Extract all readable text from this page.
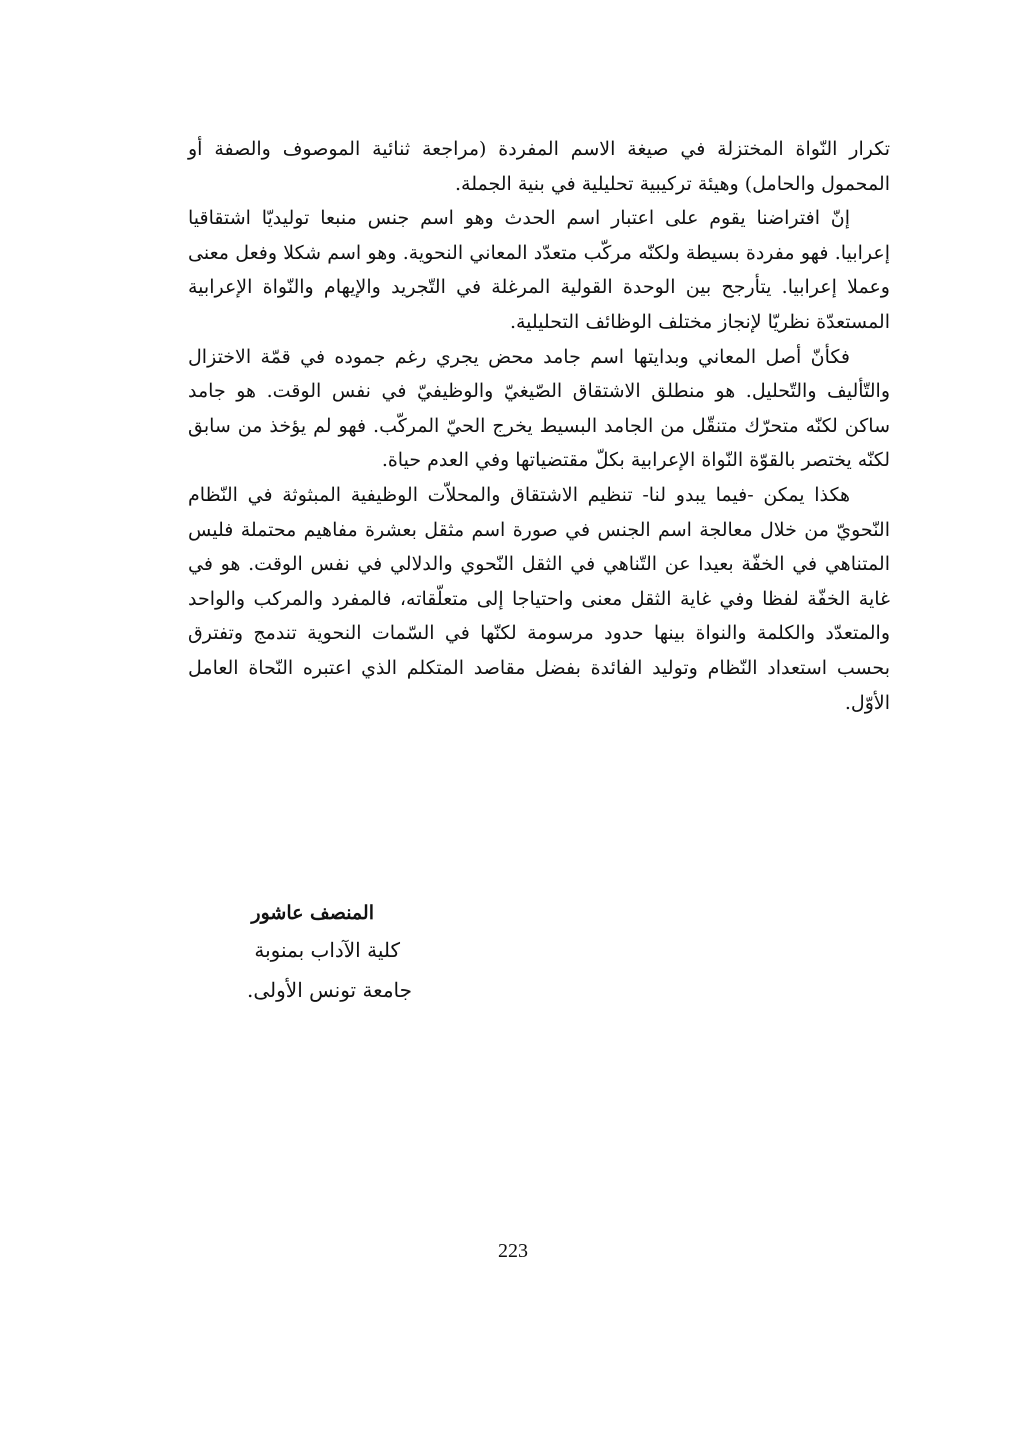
تكرار النّواة المختزلة في صيغة الاسم المفردة (مراجعة ثنائية الموصوف والصفة أو المحمول والحامل) وهيئة تركيبية تحليلية في بنية الجملة.

إنّ افتراضنا يقوم على اعتبار اسم الحدث وهو اسم جنس منبعا توليديّا اشتقاقيا إعرابيا. فهو مفردة بسيطة ولكنّه مركّب متعدّد المعاني النحوية. وهو اسم شكلا وفعل معنى وعملا إعرابيا. يتأرجح بين الوحدة القولية المرغلة في التّجريد والإيهام والنّواة الإعرابية المستعدّة نظريّا لإنجاز مختلف الوظائف التحليلية.

فكأنّ أصل المعاني وبدايتها اسم جامد محض يجري رغم جموده في قمّة الاختزال والتّأليف والتّحليل. هو منطلق الاشتقاق الصّيغيّ والوظيفيّ في نفس الوقت. هو جامد ساكن لكنّه متحرّك متنقّل من الجامد البسيط يخرج الحيّ المركّب. فهو لم يؤخذ من سابق لكنّه يختصر بالقوّة النّواة الإعرابية بكلّ مقتضياتها وفي العدم حياة.

هكذا يمكن -فيما يبدو لنا- تنظيم الاشتقاق والمحلاّت الوظيفية المبثوثة في النّظام النّحويّ من خلال معالجة اسم الجنس في صورة اسم مثقل بعشرة مفاهيم محتملة فليس المتناهي في الخفّة بعيدا عن التّناهي في الثقل النّحوي والدلالي في نفس الوقت. هو في غاية الخفّة لفظا وفي غاية الثقل معنى واحتياجا إلى متعلّقاته، فالمفرد والمركب والواحد والمتعدّد والكلمة والنواة بينها حدود مرسومة لكنّها في السّمات النحوية تندمج وتفترق بحسب استعداد النّظام وتوليد الفائدة بفضل مقاصد المتكلم الذي اعتبره النّحاة العامل الأوّل.

المنصف عاشور
كلية الآداب بمنوبة
جامعة تونس الأولى.
223
